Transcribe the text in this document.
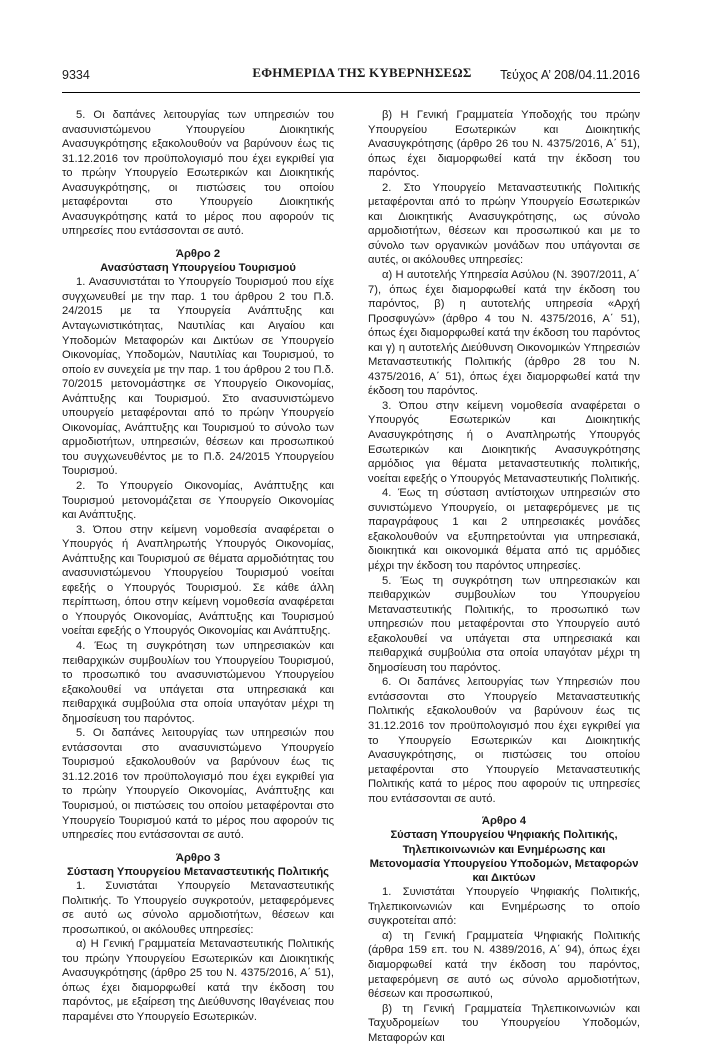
9334	ΕΦΗΜΕΡΙΔΑ ΤΗΣ ΚΥΒΕΡΝΗΣΕΩΣ	Τεύχος Α’ 208/04.11.2016

5. Οι δαπάνες λειτουργίας των υπηρεσιών του ανασυνιστώμενου Υπουργείου Διοικητικής Ανασυγκρότησης εξακολουθούν να βαρύνουν έως τις 31.12.2016 τον προϋπολογισμό που έχει εγκριθεί για το πρώην Υπουργείο Εσωτερικών και Διοικητικής Ανασυγκρότησης, οι πιστώσεις του οποίου μεταφέρονται στο Υπουργείο Διοικητικής Ανασυγκρότησης κατά το μέρος που αφορούν τις υπηρεσίες που εντάσσονται σε αυτό.

Άρθρο 2
Ανασύσταση Υπουργείου Τουρισμού

1. Ανασυνιστάται το Υπουργείο Τουρισμού που είχε συγχωνευθεί με την παρ. 1 του άρθρου 2 του Π.δ. 24/2015 με τα Υπουργεία Ανάπτυξης και Ανταγωνιστικότητας, Ναυτιλίας και Αιγαίου και Υποδομών Μεταφορών και Δικτύων σε Υπουργείο Οικονομίας, Υποδομών, Ναυτιλίας και Τουρισμού, το οποίο εν συνεχεία με την παρ. 1 του άρθρου 2 του Π.δ. 70/2015 μετονομάστηκε σε Υπουργείο Οικονομίας, Ανάπτυξης και Τουρισμού. Στο ανασυνιστώμενο υπουργείο μεταφέρονται από το πρώην Υπουργείο Οικονομίας, Ανάπτυξης και Τουρισμού το σύνολο των αρμοδιοτήτων, υπηρεσιών, θέσεων και προσωπικού του συγχωνευθέντος με το Π.δ. 24/2015 Υπουργείου Τουρισμού.

2. Το Υπουργείο Οικονομίας, Ανάπτυξης και Τουρισμού μετονομάζεται σε Υπουργείο Οικονομίας και Ανάπτυξης.

3. Όπου στην κείμενη νομοθεσία αναφέρεται ο Υπουργός ή Αναπληρωτής Υπουργός Οικονομίας, Ανάπτυξης και Τουρισμού σε θέματα αρμοδιότητας του ανασυνιστώμενου Υπουργείου Τουρισμού νοείται εφεξής ο Υπουργός Τουρισμού. Σε κάθε άλλη περίπτωση, όπου στην κείμενη νομοθεσία αναφέρεται ο Υπουργός Οικονομίας, Ανάπτυξης και Τουρισμού νοείται εφεξής ο Υπουργός Οικονομίας και Ανάπτυξης.

4. Έως τη συγκρότηση των υπηρεσιακών και πειθαρχικών συμβουλίων του Υπουργείου Τουρισμού, το προσωπικό του ανασυνιστώμενου Υπουργείου εξακολουθεί να υπάγεται στα υπηρεσιακά και πειθαρχικά συμβούλια στα οποία υπαγόταν μέχρι τη δημοσίευση του παρόντος.

5. Οι δαπάνες λειτουργίας των υπηρεσιών που εντάσσονται στο ανασυνιστώμενο Υπουργείο Τουρισμού εξακολουθούν να βαρύνουν έως τις 31.12.2016 τον προϋπολογισμό που έχει εγκριθεί για το πρώην Υπουργείο Οικονομίας, Ανάπτυξης και Τουρισμού, οι πιστώσεις του οποίου μεταφέρονται στο Υπουργείο Τουρισμού κατά το μέρος που αφορούν τις υπηρεσίες που εντάσσονται σε αυτό.

Άρθρο 3
Σύσταση Υπουργείου Μεταναστευτικής Πολιτικής

1. Συνιστάται Υπουργείο Μεταναστευτικής Πολιτικής. Το Υπουργείο συγκροτούν, μεταφερόμενες σε αυτό ως σύνολο αρμοδιοτήτων, θέσεων και προσωπικού, οι ακόλουθες υπηρεσίες:

α) Η Γενική Γραμματεία Μεταναστευτικής Πολιτικής του πρώην Υπουργείου Εσωτερικών και Διοικητικής Ανασυγκρότησης (άρθρο 25 του Ν. 4375/2016, Α΄ 51), όπως έχει διαμορφωθεί κατά την έκδοση του παρόντος, με εξαίρεση της Διεύθυνσης Ιθαγένειας που παραμένει στο Υπουργείο Εσωτερικών.

β) Η Γενική Γραμματεία Υποδοχής του πρώην Υπουργείου Εσωτερικών και Διοικητικής Ανασυγκρότησης (άρθρο 26 του Ν. 4375/2016, Α΄ 51), όπως έχει διαμορφωθεί κατά την έκδοση του παρόντος.

2. Στο Υπουργείο Μεταναστευτικής Πολιτικής μεταφέρονται από το πρώην Υπουργείο Εσωτερικών και Διοικητικής Ανασυγκρότησης, ως σύνολο αρμοδιοτήτων, θέσεων και προσωπικού και με το σύνολο των οργανικών μονάδων που υπάγονται σε αυτές, οι ακόλουθες υπηρεσίες:

α) Η αυτοτελής Υπηρεσία Ασύλου (Ν. 3907/2011, Α΄ 7), όπως έχει διαμορφωθεί κατά την έκδοση του παρόντος, β) η αυτοτελής υπηρεσία «Αρχή Προσφυγών» (άρθρο 4 του Ν. 4375/2016, Α΄ 51), όπως έχει διαμορφωθεί κατά την έκδοση του παρόντος και γ) η αυτοτελής Διεύθυνση Οικονομικών Υπηρεσιών Μεταναστευτικής Πολιτικής (άρθρο 28 του Ν. 4375/2016, Α΄ 51), όπως έχει διαμορφωθεί κατά την έκδοση του παρόντος.

3. Όπου στην κείμενη νομοθεσία αναφέρεται ο Υπουργός Εσωτερικών και Διοικητικής Ανασυγκρότησης ή ο Αναπληρωτής Υπουργός Εσωτερικών και Διοικητικής Ανασυγκρότησης αρμόδιος για θέματα μεταναστευτικής πολιτικής, νοείται εφεξής ο Υπουργός Μεταναστευτικής Πολιτικής.

4. Έως τη σύσταση αντίστοιχων υπηρεσιών στο συνιστώμενο Υπουργείο, οι μεταφερόμενες με τις παραγράφους 1 και 2 υπηρεσιακές μονάδες εξακολουθούν να εξυπηρετούνται για υπηρεσιακά, διοικητικά και οικονομικά θέματα από τις αρμόδιες μέχρι την έκδοση του παρόντος υπηρεσίες.

5. Έως τη συγκρότηση των υπηρεσιακών και πειθαρχικών συμβουλίων του Υπουργείου Μεταναστευτικής Πολιτικής, το προσωπικό των υπηρεσιών που μεταφέρονται στο Υπουργείο αυτό εξακολουθεί να υπάγεται στα υπηρεσιακά και πειθαρχικά συμβούλια στα οποία υπαγόταν μέχρι τη δημοσίευση του παρόντος.

6. Οι δαπάνες λειτουργίας των Υπηρεσιών που εντάσσονται στο Υπουργείο Μεταναστευτικής Πολιτικής εξακολουθούν να βαρύνουν έως τις 31.12.2016 τον προϋπολογισμό που έχει εγκριθεί για το Υπουργείο Εσωτερικών και Διοικητικής Ανασυγκρότησης, οι πιστώσεις του οποίου μεταφέρονται στο Υπουργείο Μεταναστευτικής Πολιτικής κατά το μέρος που αφορούν τις υπηρεσίες που εντάσσονται σε αυτό.

Άρθρο 4
Σύσταση Υπουργείου Ψηφιακής Πολιτικής, Τηλεπικοινωνιών και Ενημέρωσης και Μετονομασία Υπουργείου Υποδομών, Μεταφορών και Δικτύων

1. Συνιστάται Υπουργείο Ψηφιακής Πολιτικής, Τηλεπικοινωνιών και Ενημέρωσης το οποίο συγκροτείται από:

α) τη Γενική Γραμματεία Ψηφιακής Πολιτικής (άρθρα 159 επ. του Ν. 4389/2016, Α΄ 94), όπως έχει διαμορφωθεί κατά την έκδοση του παρόντος, μεταφερόμενη σε αυτό ως σύνολο αρμοδιοτήτων, θέσεων και προσωπικού,

β) τη Γενική Γραμματεία Τηλεπικοινωνιών και Ταχυδρομείων του Υπουργείου Υποδομών, Μεταφορών και
